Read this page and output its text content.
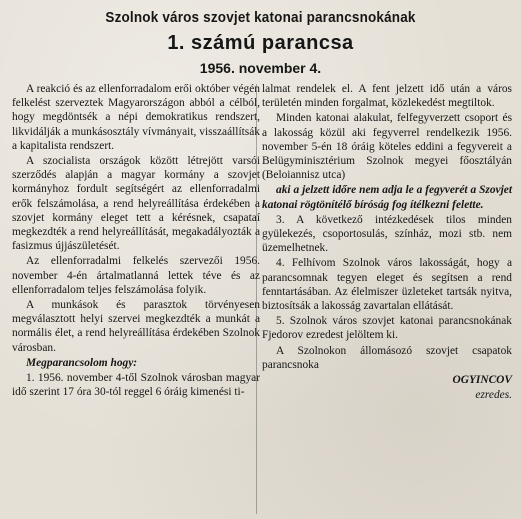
Szolnok város szovjet katonai parancsnokának
1. számú parancsa
1956. november 4.

A reakció és az ellenforradalom erői október végén felkelést szerveztek Magyarországon abból a célból, hogy megdöntsék a népi demokratikus rendszert, likvidálják a munkásosztály vívmányait, visszaállítsák a kapitalista rendszert.

A szocialista országok között létrejött varsói szerződés alapján a magyar kormány a szovjet kormányhoz fordult segítségért az ellenforradalmi erők felszámolása, a rend helyreállítása érdekében a szovjet kormány eleget tett a kérésnek, csapataí megkezdték a rend helyreállítását, megakadályozták a fasizmus újjászületését.

Az ellenforradalmi felkelés szervezői 1956. november 4-én ártalmatlanná lettek téve és az ellenforradalom teljes felszámolása folyik.

A munkások és parasztok törvényesen megválasztott helyi szervei megkezdték a munkát a normális élet, a rend helyreállítása érdekében Szolnok városban.

Megparancsolom hogy:

1. 1956. november 4-től Szolnok városban magyar idő szerint 17 óra 30-tól reggel 6 óráig kimenési ti-

lalmat rendelek el. A fent jelzett idő után a város területén minden forgalmat, közlekedést megtiltok.

Minden katonai alakulat, felfegyverzett csoport és a lakosság közül aki fegyverrel rendelkezik 1956. november 5-én 18 óráig köteles eddini a fegyvereit a Belügyminisztérium Szolnok megyei főosztályán (Beloiannisz utca)

aki a jelzett időre nem adja le a fegyverét a Szovjet katonai rögtönítélő bíróság fog ítélkezni felette.

3. A következő intézkedések tilos minden gyülekezés, csoportosulás, színház, mozi stb. nem üzemelhetnek.

4. Felhívom Szolnok város lakosságát, hogy a parancsomnak tegyen eleget és segítsen a rend fenntartásában. Az élelmiszer üzleteket tartsák nyitva, biztosítsák a lakosság zavartalan ellátását.

5. Szolnok város szovjet katonai parancsnokának Fjedorov ezredest jelöltem ki.

A Szolnokon állomásozó szovjet csapatok parancsnoka

OGYINCOV

ezredes.
